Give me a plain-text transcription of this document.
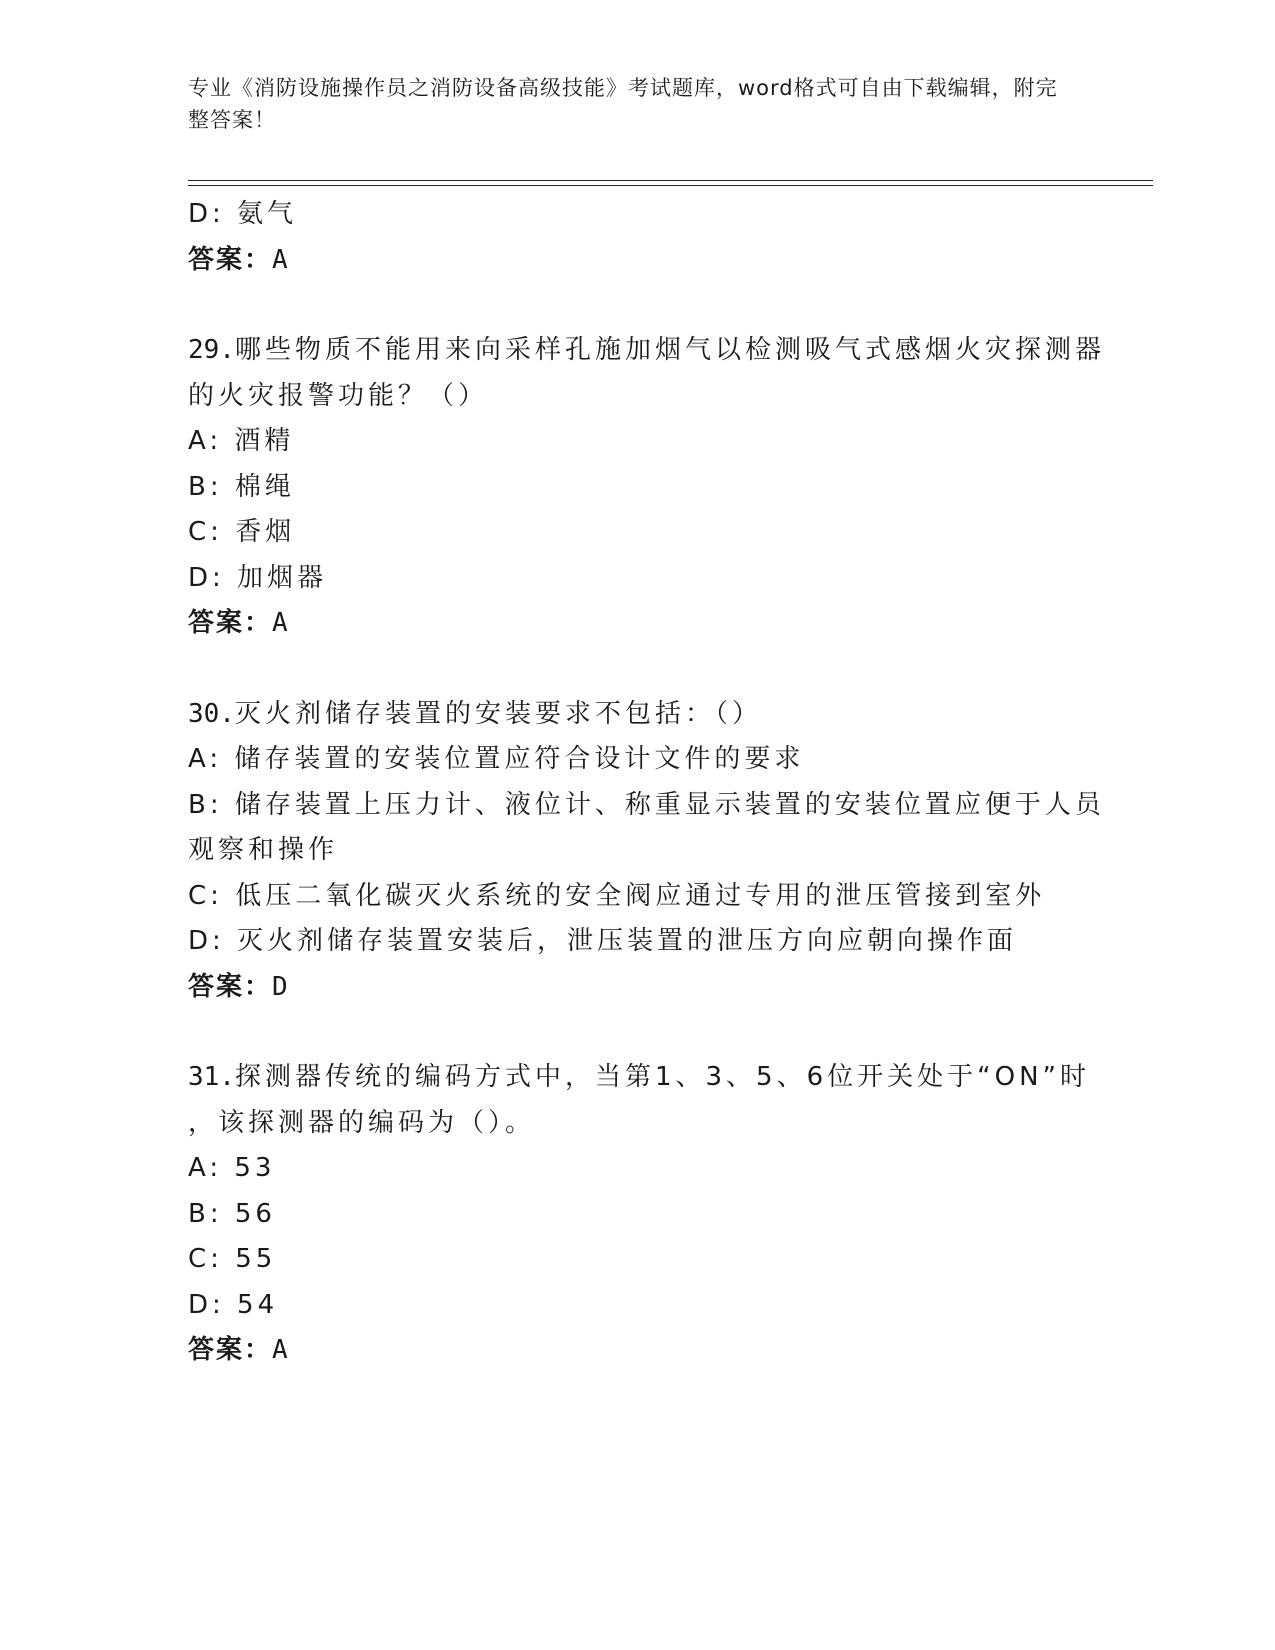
专业《消防设施操作员之消防设备高级技能》考试题库，word格式可自由下载编辑，附完整答案！
D: 氨气
答案：A
29.哪些物质不能用来向采样孔施加烟气以检测吸气式感烟火灾探测器
的火灾报警功能？（）
A: 酒精
B: 棉绳
C: 香烟
D: 加烟器
答案：A
30.灭火剂储存装置的安装要求不包括：（）
A: 储存装置的安装位置应符合设计文件的要求
B: 储存装置上压力计、液位计、称重显示装置的安装位置应便于人员
观察和操作
C: 低压二氧化碳灭火系统的安全阀应通过专用的泄压管接到室外
D: 灭火剂储存装置安装后，泄压装置的泄压方向应朝向操作面
答案：D
31.探测器传统的编码方式中，当第1、3、5、6位开关处于“ON”时
，该探测器的编码为（）。
A: 53
B: 56
C: 55
D: 54
答案：A
